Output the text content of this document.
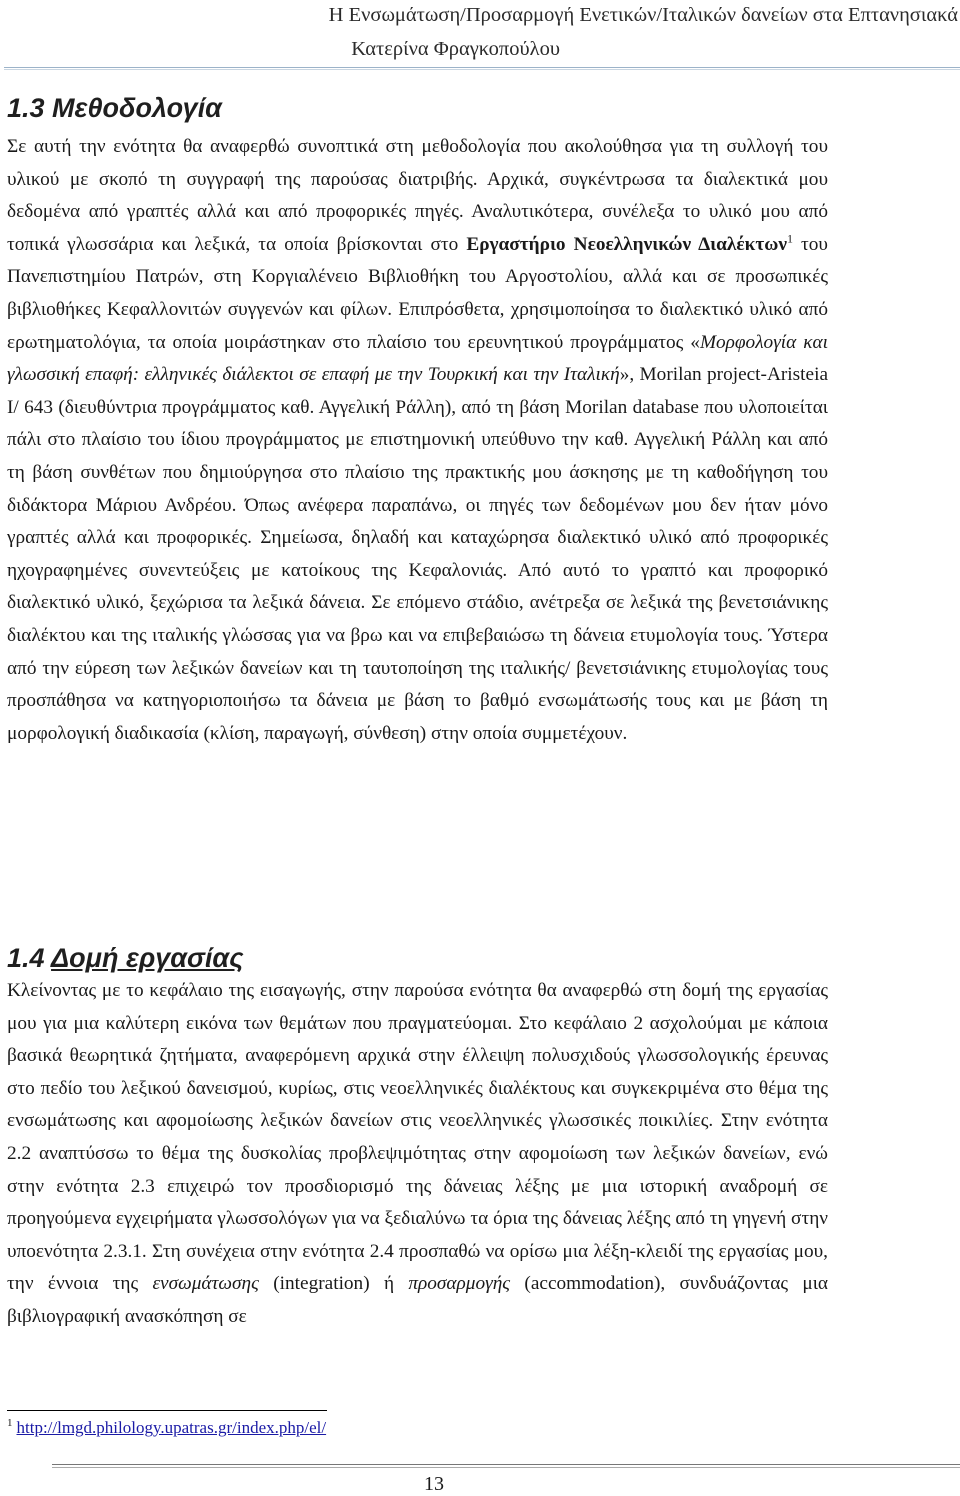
Η Ενσωμάτωση/Προσαρμογή Ενετικών/Ιταλικών δανείων στα Επτανησιακά
Κατερίνα Φραγκοπούλου
1.3 Μεθοδολογία

Σε αυτή την ενότητα θα αναφερθώ συνοπτικά στη μεθοδολογία που ακολούθησα για τη συλλογή του υλικού με σκοπό τη συγγραφή της παρούσας διατριβής. Αρχικά, συγκέντρωσα τα διαλεκτικά μου δεδομένα από γραπτές αλλά και από προφορικές πηγές. Αναλυτικότερα, συνέλεξα το υλικό μου από τοπικά γλωσσάρια και λεξικά, τα οποία βρίσκονται στο Εργαστήριο Νεοελληνικών Διαλέκτων$^1$ του Πανεπιστημίου Πατρών, στη Κοργιαλένειο Βιβλιοθήκη του Αργοστολίου, αλλά και σε προσωπικές βιβλιοθήκες Κεφαλλονιτών συγγενών και φίλων. Επιπρόσθετα, χρησιμοποίησα το διαλεκτικό υλικό από ερωτηματολόγια, τα οποία μοιράστηκαν στο πλαίσιο του ερευνητικού προγράμματος «Μορφολογία και γλωσσική επαφή: ελληνικές διάλεκτοι σε επαφή με την Τουρκική και την Ιταλική», Morilan project-Aristeia I/ 643 (διευθύντρια προγράμματος καθ. Αγγελική Ράλλη), από τη βάση Morilan database που υλοποιείται πάλι στο πλαίσιο του ίδιου προγράμματος με επιστημονική υπεύθυνο την καθ. Αγγελική Ράλλη και από τη βάση συνθέτων που δημιούργησα στο πλαίσιο της πρακτικής μου άσκησης με τη καθοδήγηση του διδάκτορα Μάριου Ανδρέου. Όπως ανέφερα παραπάνω, οι πηγές των δεδομένων μου δεν ήταν μόνο γραπτές αλλά και προφορικές. Σημείωσα, δηλαδή και καταχώρησα διαλεκτικό υλικό από προφορικές ηχογραφημένες συνεντεύξεις με κατοίκους της Κεφαλονιάς. Από αυτό το γραπτό και προφορικό διαλεκτικό υλικό, ξεχώρισα τα λεξικά δάνεια. Σε επόμενο στάδιο, ανέτρεξα σε λεξικά της βενετσιάνικης διαλέκτου και της ιταλικής γλώσσας για να βρω και να επιβεβαιώσω τη δάνεια ετυμολογία τους. Ύστερα από την εύρεση των λεξικών δανείων και τη ταυτοποίηση της ιταλικής/ βενετσιάνικης ετυμολογίας τους προσπάθησα να κατηγοριοποιήσω τα δάνεια με βάση το βαθμό ενσωμάτωσής τους και με βάση τη μορφολογική διαδικασία (κλίση, παραγωγή, σύνθεση) στην οποία συμμετέχουν.

1.4 Δομή εργασίας

Κλείνοντας με το κεφάλαιο της εισαγωγής, στην παρούσα ενότητα θα αναφερθώ στη δομή της εργασίας μου για μια καλύτερη εικόνα των θεμάτων που πραγματεύομαι. Στο κεφάλαιο 2 ασχολούμαι με κάποια βασικά θεωρητικά ζητήματα, αναφερόμενη αρχικά στην έλλειψη πολυσχιδούς γλωσσολογικής έρευνας στο πεδίο του λεξικού δανεισμού, κυρίως, στις νεοελληνικές διαλέκτους και συγκεκριμένα στο θέμα της ενσωμάτωσης και αφομοίωσης λεξικών δανείων στις νεοελληνικές γλωσσικές ποικιλίες. Στην ενότητα 2.2 αναπτύσσω το θέμα της δυσκολίας προβλεψιμότητας στην αφομοίωση των λεξικών δανείων, ενώ στην ενότητα 2.3 επιχειρώ τον προσδιορισμό της δάνειας λέξης με μια ιστορική αναδρομή σε προηγούμενα εγχειρήματα γλωσσολόγων για να ξεδιαλύνω τα όρια της δάνειας λέξης από τη γηγενή στην υποενότητα 2.3.1. Στη συνέχεια στην ενότητα 2.4 προσπαθώ να ορίσω μια λέξη-κλειδί της εργασίας μου, την έννοια της ενσωμάτωσης (integration) ή προσαρμογής (accommodation), συνδυάζοντας μια βιβλιογραφική ανασκόπηση σε

$^1$ http://lmgd.philology.upatras.gr/index.php/el/
13
